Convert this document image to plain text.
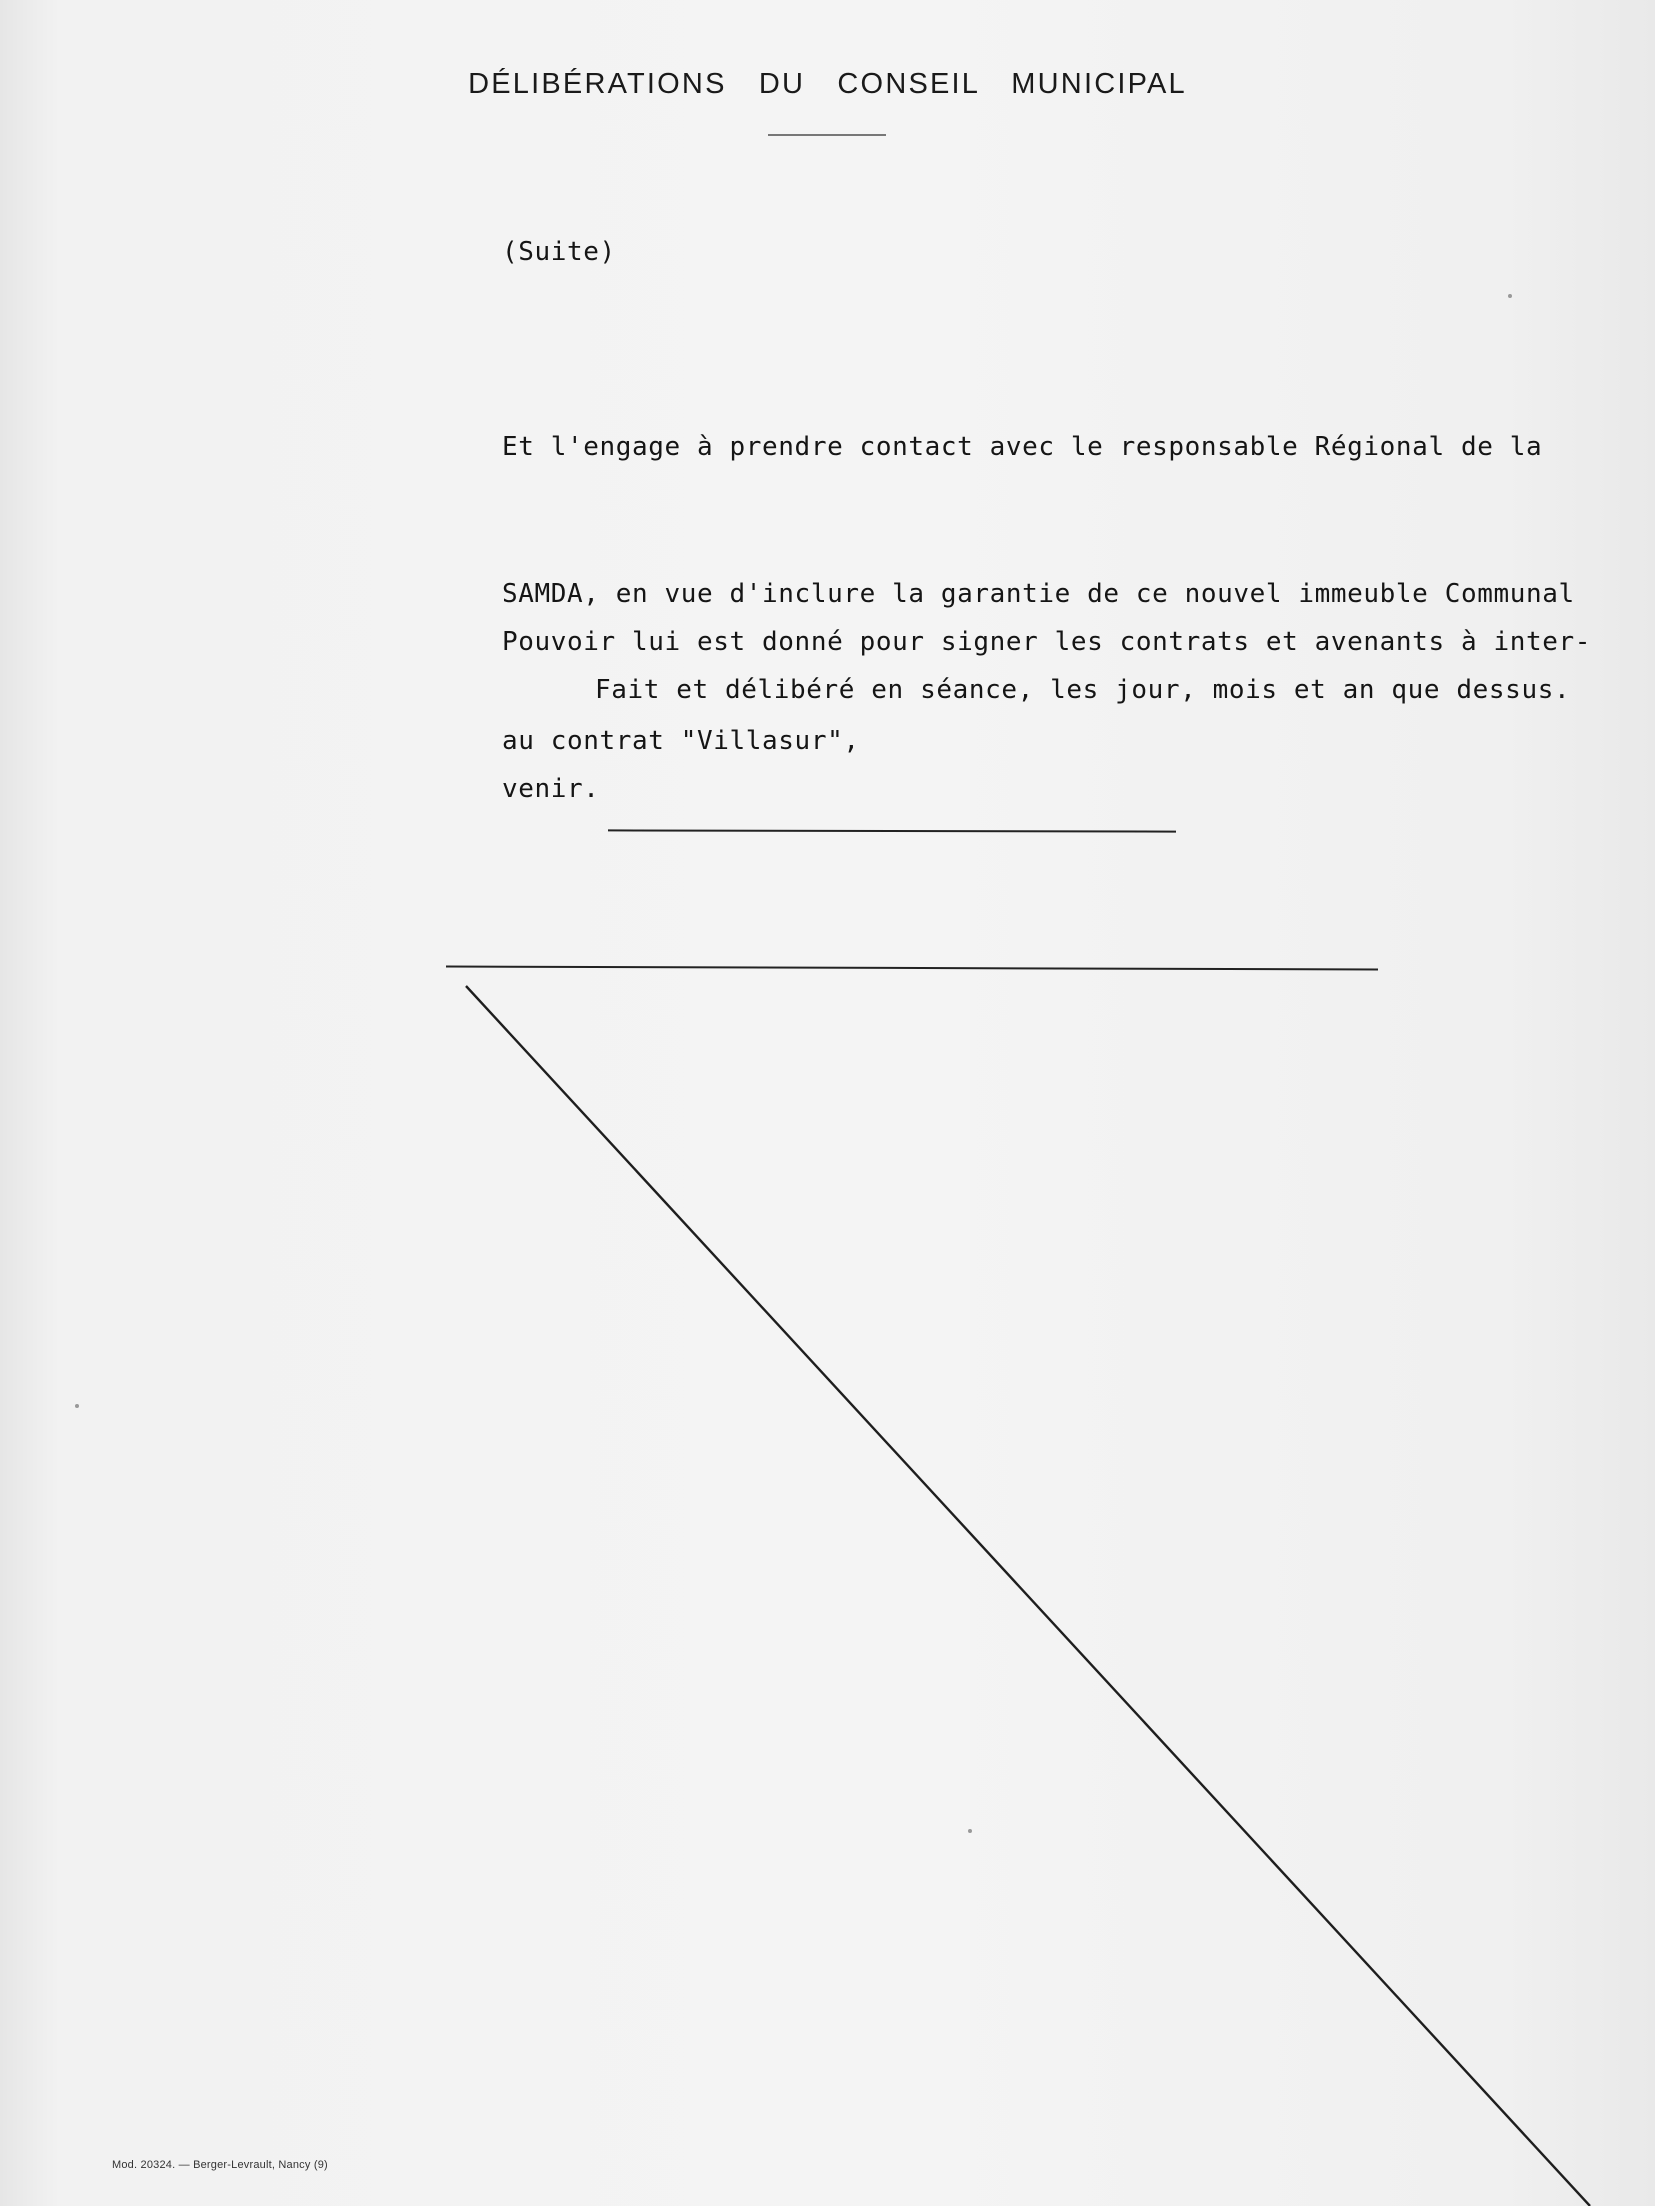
DÉLIBÉRATIONS DU CONSEIL MUNICIPAL
(Suite)

Et l'engage à prendre contact avec le responsable Régional de la

SAMDA, en vue d'inclure la garantie de ce nouvel immeuble Communal

au contrat "Villasur",

Pouvoir lui est donné pour signer les contrats et avenants à inter-

venir.

Fait et délibéré en séance, les jour, mois et an que dessus.
Mod. 20324. — Berger-Levrault, Nancy (9)
